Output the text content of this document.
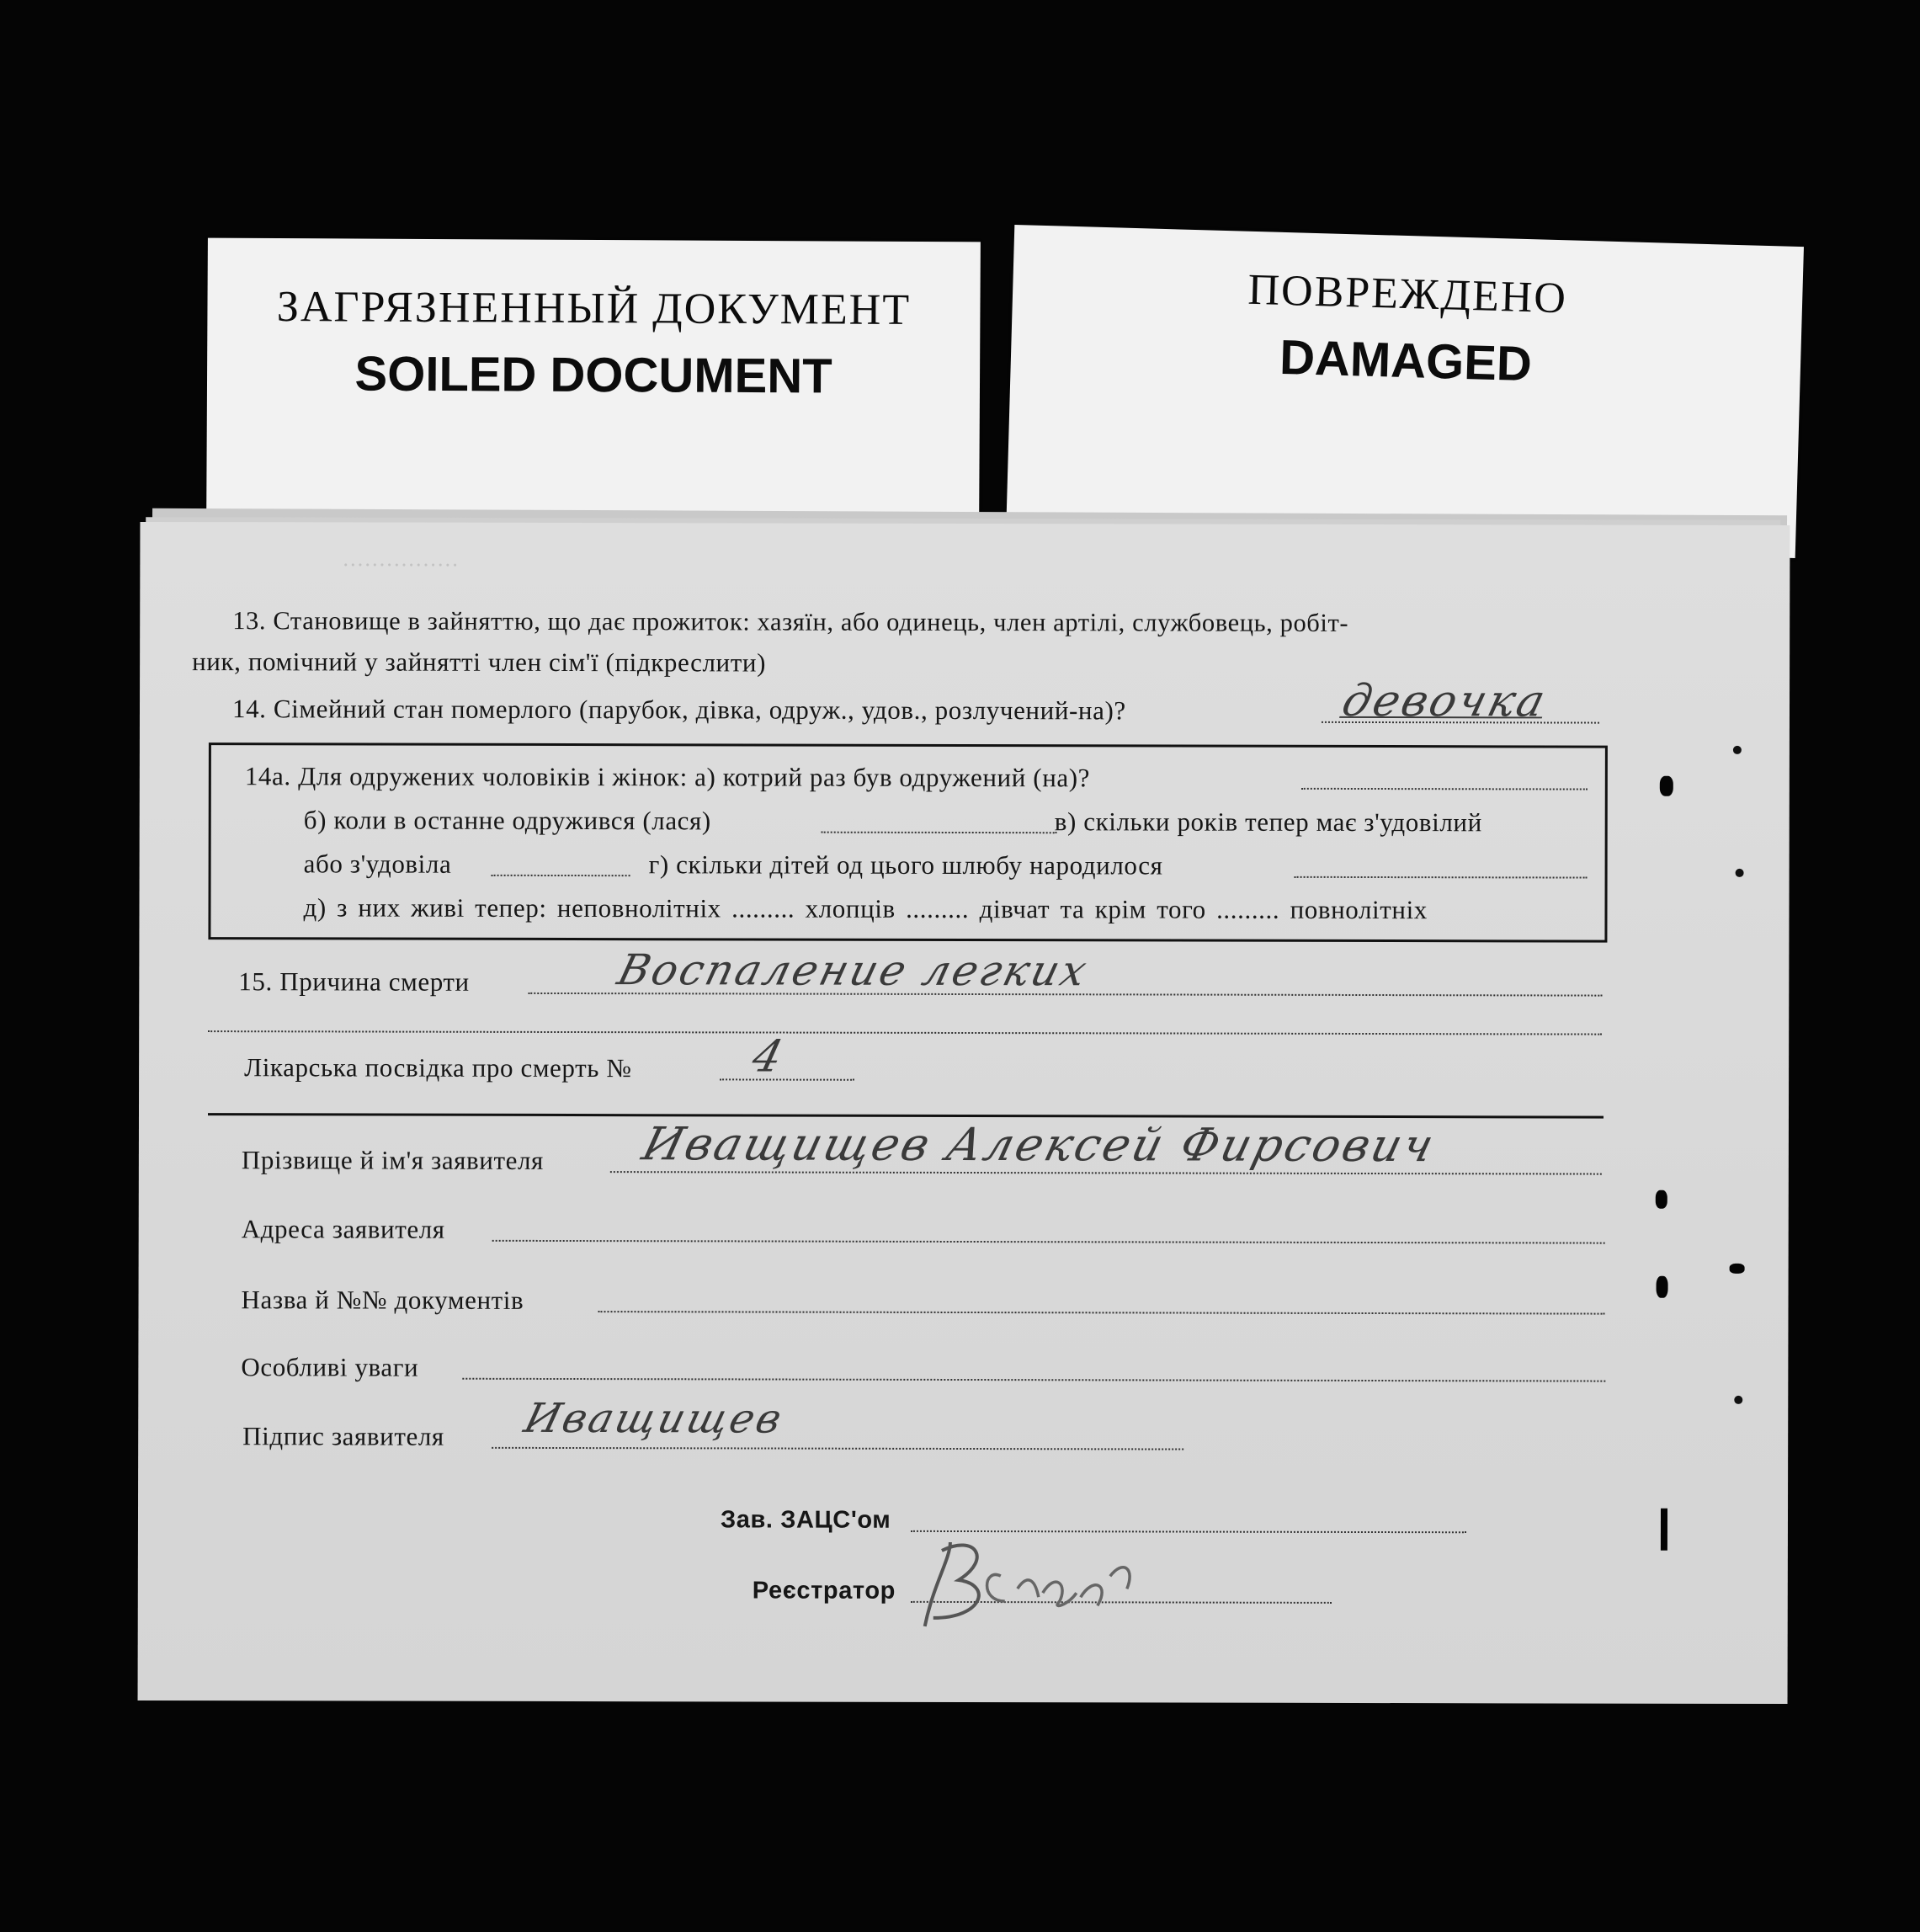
ЗАГРЯЗНЕННЫЙ ДОКУМЕНТ
SOILED DOCUMENT
ПОВРЕЖДЕНО
DAMAGED
················
13. Становище в зайняттю, що дає прожиток: хазяїн, або одинець, член артілі, службовець, робіт-
ник, помічний у зайнятті член сім'ї (підкреслити)
14. Сімейний стан померлого (парубок, дівка, одруж., удов., розлучений-на)?	девочка
14а. Для одружених чоловіків і жінок: а) котрий раз був одружений (на)?
б) коли в останне одружився (лася)	в) скільки років тепер має з'удовілий
або з'удовіла	г) скільки дітей од цього шлюбу народилося
д) з них живі тепер: неповнолітніх ......... хлопців ......... дівчат та крім того ......... повнолітніх
15. Причина смерти	Воспаление легких
Лікарська посвідка про смерть №	4
Прізвище й ім'я заявителя Иващищев Алексей Фирсович
Адреса заявителя
Назва й №№ документів
Особливі уваги
Підпис заявителя Иващищев
Зав. ЗАЦС'ом
Реєстратор
